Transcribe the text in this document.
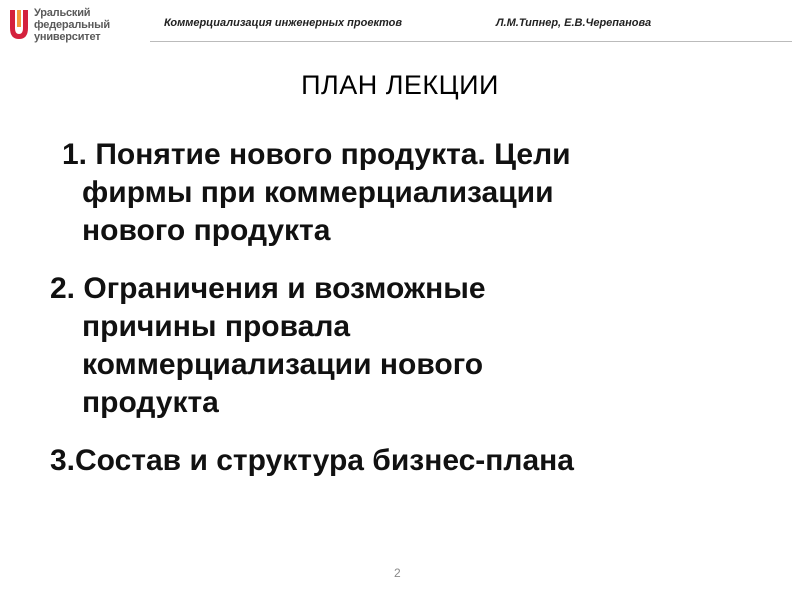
Уральский
федеральный
университет
Коммерциализация инженерных проектов	Л.М.Типнер, Е.В.Черепанова
ПЛАН ЛЕКЦИИ
1. Понятие нового продукта. Цели
фирмы при коммерциализации
нового продукта
2. Ограничения и возможные
причины провала
коммерциализации нового
продукта
3.Состав и структура бизнес-плана
2
